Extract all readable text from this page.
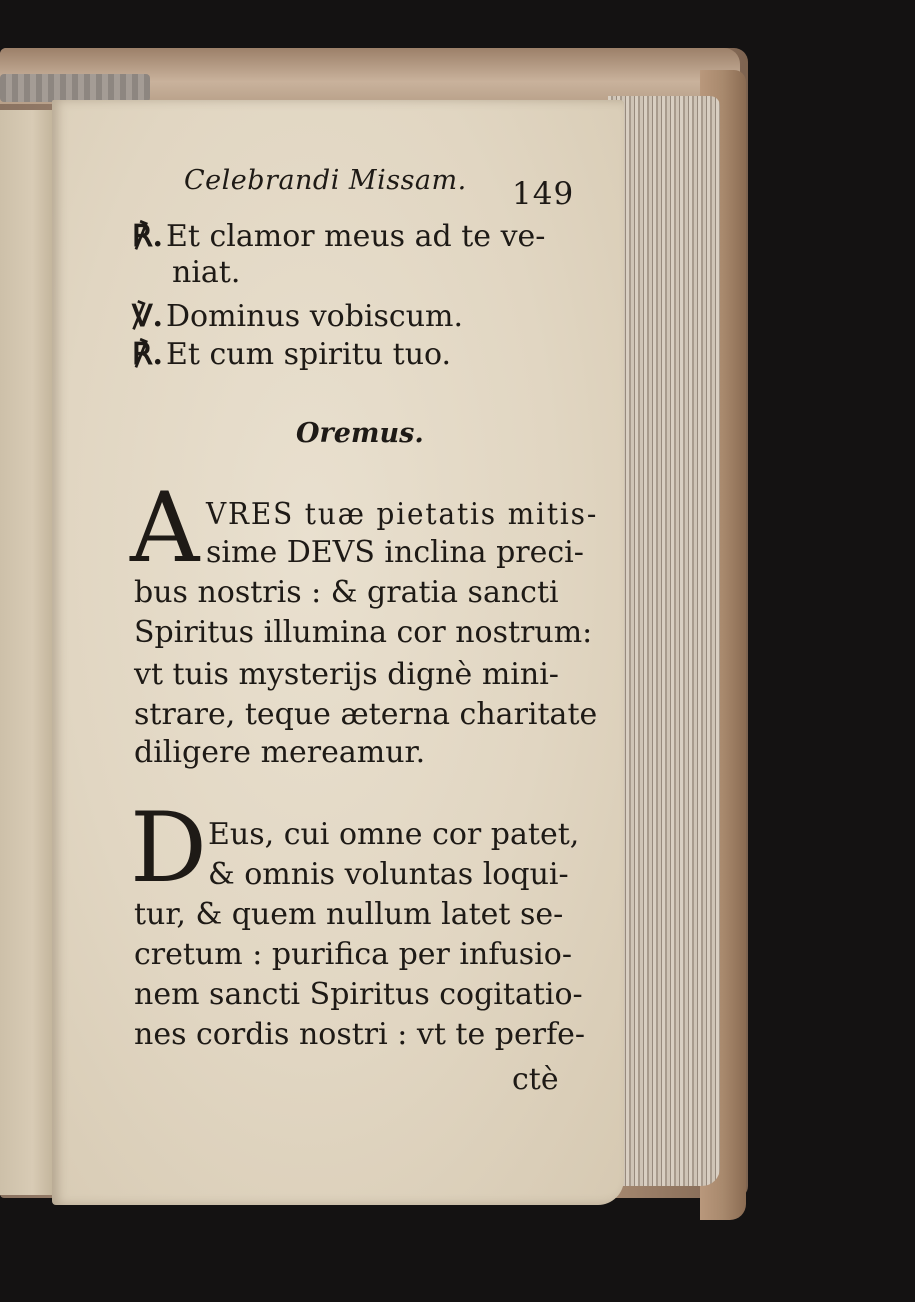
Celebrandi Missam. 149
℟. Et clamor meus ad te ve-
niat.
℣. Dominus vobiscum.
℟. Et cum spiritu tuo.
Oremus.
A VRES tuæ pietatis mitis-
sime DEVS inclina preci-
bus nostris : & gratia sancti
Spiritus illumina cor nostrum:
vt tuis mysterijs dignè mini-
strare, teque æterna charitate
diligere mereamur.
D Eus, cui omne cor patet,
& omnis voluntas loqui-
tur, & quem nullum latet se-
cretum : purifica per infusio-
nem sancti Spiritus cogitatio-
nes cordis nostri : vt te perfe-
ctè
